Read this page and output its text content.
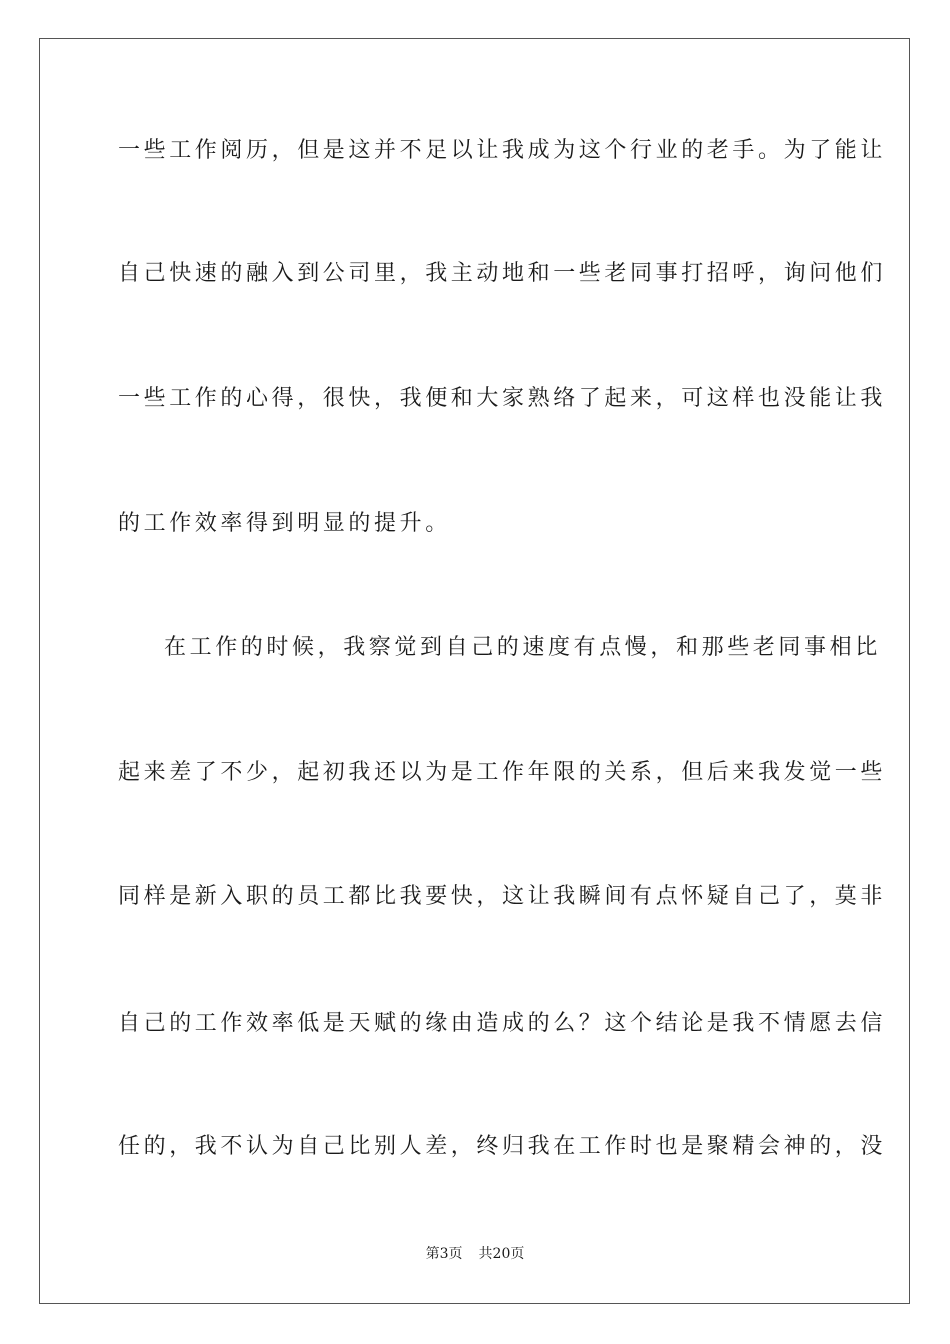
一些工作阅历，但是这并不足以让我成为这个行业的老手。为了能让
自己快速的融入到公司里，我主动地和一些老同事打招呼，询问他们
一些工作的心得，很快，我便和大家熟络了起来，可这样也没能让我
的工作效率得到明显的提升。
在工作的时候，我察觉到自己的速度有点慢，和那些老同事相比
起来差了不少，起初我还以为是工作年限的关系，但后来我发觉一些
同样是新入职的员工都比我要快，这让我瞬间有点怀疑自己了，莫非
自己的工作效率低是天赋的缘由造成的么？这个结论是我不情愿去信
任的，我不认为自己比别人差，终归我在工作时也是聚精会神的，没
第3页 共20页
